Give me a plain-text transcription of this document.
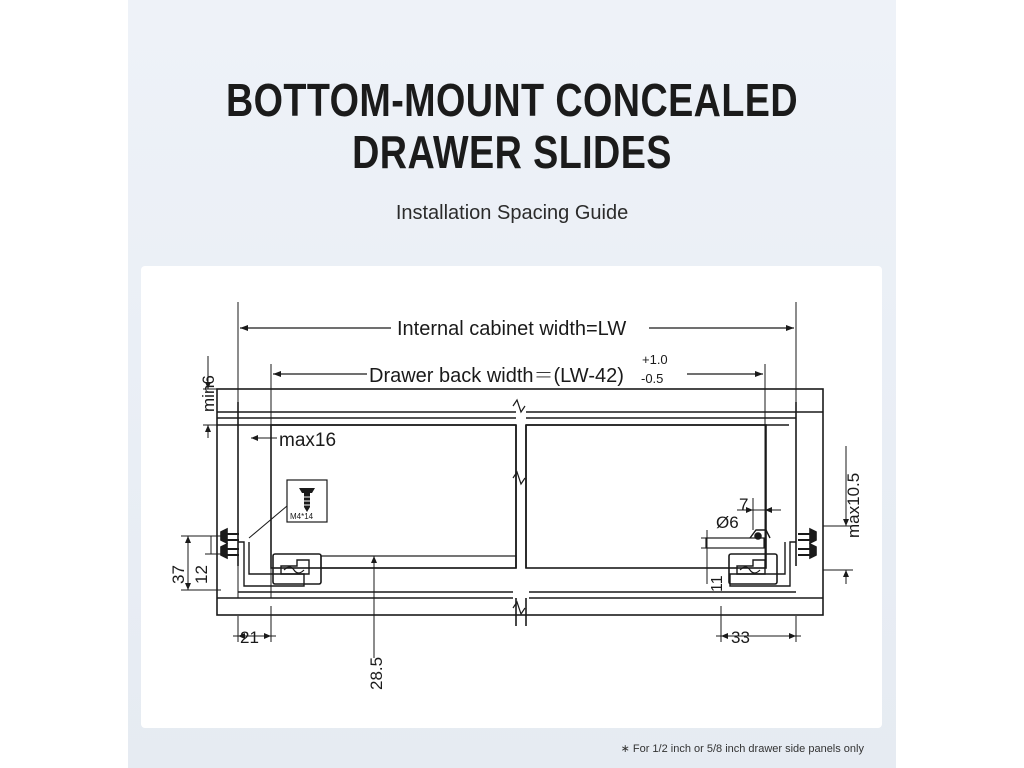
BOTTOM-MOUNT CONCEALED
DRAWER SLIDES
Installation Spacing Guide
Internal cabinet width=LW
Drawer back width＝(LW-42)
+1.0
-0.5
max16
M4*14
7
Ø6
21	33
min6
37 12
28.5
11
max10.5
∗ For 1/2 inch or 5/8 inch drawer side panels only
